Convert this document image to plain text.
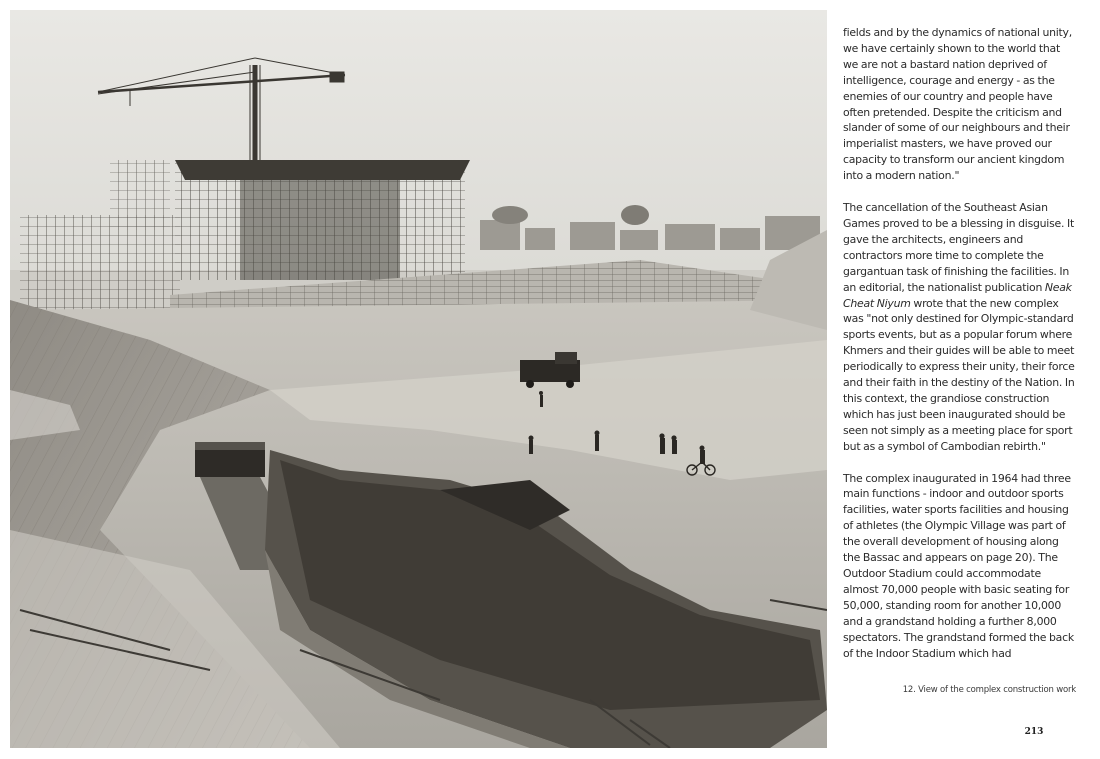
fields and by the dynamics of national unity, we have certainly shown to the world that we are not a bastard nation deprived of intelligence, courage and energy - as the enemies of our country and people have often pretended. Despite the criticism and slander of some of our neighbours and their imperialist masters, we have proved our capacity to transform our ancient kingdom into a modern nation."

The cancellation of the Southeast Asian Games proved to be a blessing in disguise. It gave the architects, engineers and contractors more time to complete the gargantuan task of finishing the facilities. In an editorial, the nationalist publication Neak Cheat Niyum wrote that the new complex was "not only destined for Olympic-standard sports events, but as a popular forum where Khmers and their guides will be able to meet periodically to express their unity, their force and their faith in the destiny of the Nation. In this context, the grandiose construction which has just been inaugurated should be seen not simply as a meeting place for sport but as a symbol of Cambodian rebirth."

The complex inaugurated in 1964 had three main functions - indoor and outdoor sports facilities, water sports facilities and housing of athletes (the Olympic Village was part of the overall development of housing along the Bassac and appears on page 20). The Outdoor Stadium could accommodate almost 70,000 people with basic seating for 50,000, standing room for another 10,000 and a grandstand holding a further 8,000 spectators. The grandstand formed the back of the Indoor Stadium which had

12. View of the complex construction work
213
